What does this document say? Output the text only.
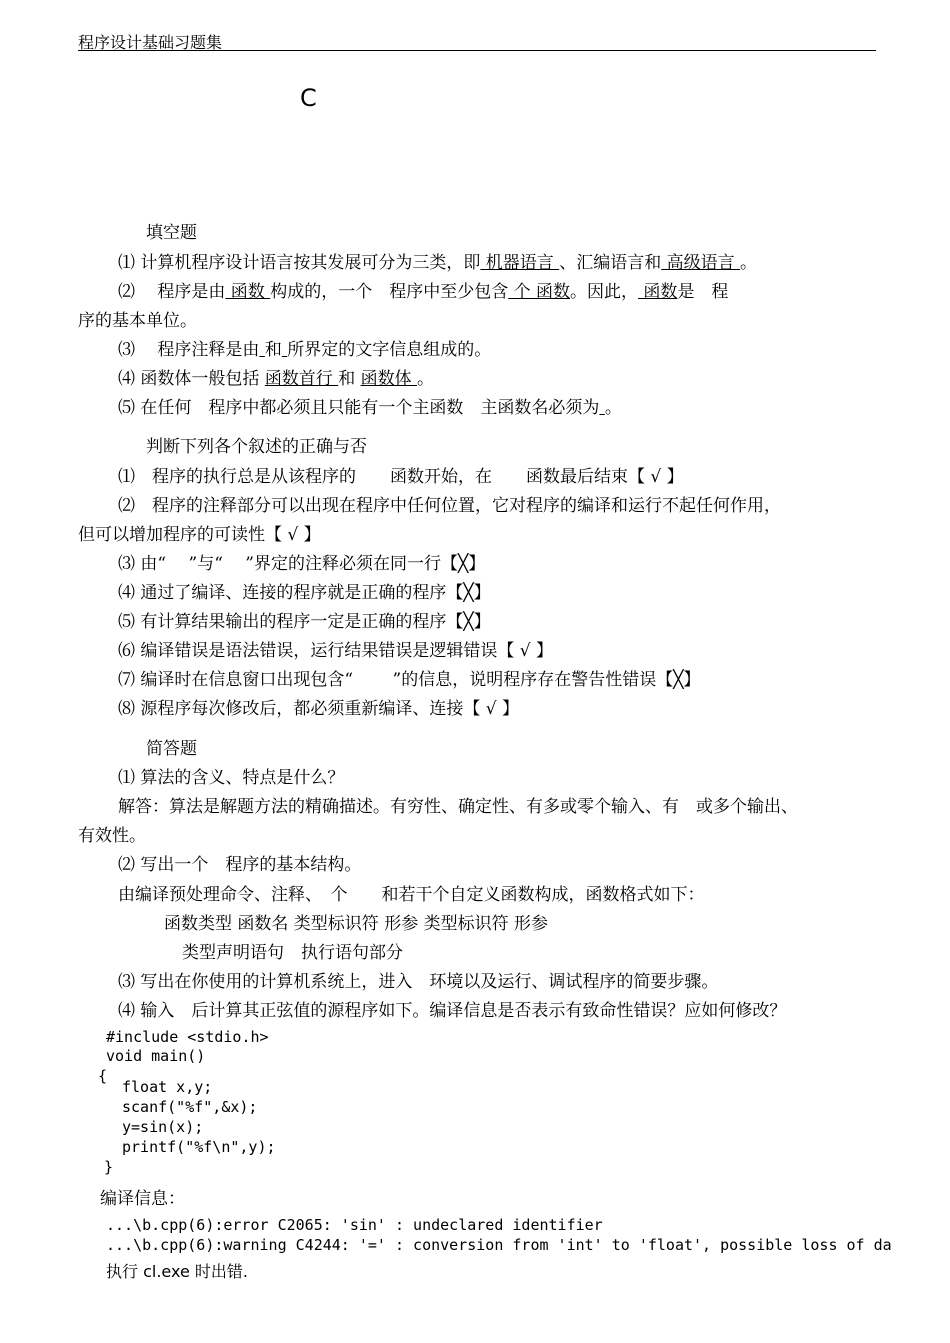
程序设计基础习题集
C
填空题
⑴ 计算机程序设计语言按其发展可分为三类，即 机器语言 、汇编语言和 高级语言 。
⑵ 　 程序是由 函数 构成的，一个　程序中至少包含 个 函数。因此， 函数是　程
序的基本单位。
⑶ 　 程序注释是由 和 所界定的文字信息组成的。
⑷ 函数体一般包括 函数首行 和 函数体 。
⑸ 在任何　程序中都必须且只能有一个主函数　主函数名必须为 。
判断下列各个叙述的正确与否
⑴　 程序的执行总是从该程序的　　函数开始，在　　函数最后结束【 √ 】
⑵　 程序的注释部分可以出现在程序中任何位置，它对程序的编译和运行不起任何作用，
但可以增加程序的可读性【 √ 】
⑶ 由“　 ”与“　 ”界定的注释必须在同一行【╳】
⑷ 通过了编译、连接的程序就是正确的程序【╳】
⑸ 有计算结果输出的程序一定是正确的程序【╳】
⑹ 编译错误是语法错误，运行结果错误是逻辑错误【 √ 】
⑺ 编译时在信息窗口出现包含“　　 ”的信息，说明程序存在警告性错误【╳】
⑻ 源程序每次修改后，都必须重新编译、连接【 √ 】
简答题
⑴ 算法的含义、特点是什么？
解答：算法是解题方法的精确描述。有穷性、确定性、有多或零个输入、有　或多个输出、
有效性。
⑵ 写出一个　程序的基本结构。
由编译预处理命令、注释、　个　　和若干个自定义函数构成，函数格式如下：
函数类型 函数名 类型标识符 形参 类型标识符 形参
类型声明语句　执行语句部分
⑶ 写出在你使用的计算机系统上，进入　环境以及运行、调试程序的简要步骤。
⑷ 输入　后计算其正弦值的源程序如下。编译信息是否表示有致命性错误？应如何修改？
#include <stdio.h>
void main()
{
float x,y;
scanf("%f",&x);
y=sin(x);
printf("%f\n",y);
}
编译信息：
...\b.cpp(6):error C2065: 'sin' : undeclared identifier
...\b.cpp(6):warning C4244: '=' : conversion from 'int' to 'float', possible loss of da
执行 cl.exe 时出错.
